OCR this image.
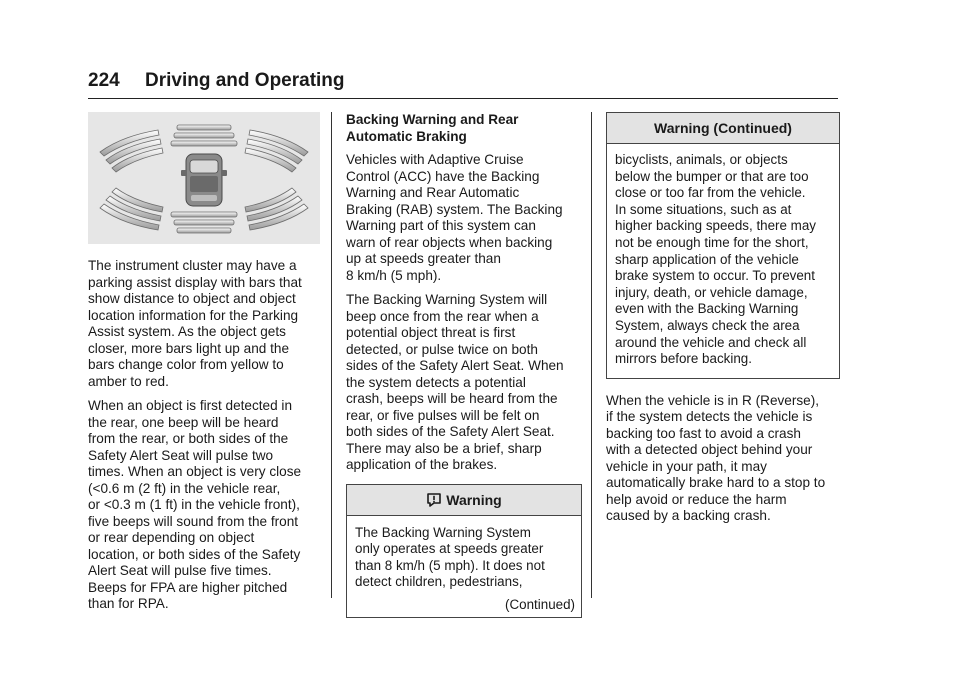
224 Driving and Operating

The instrument cluster may have a
parking assist display with bars that
show distance to object and object
location information for the Parking
Assist system. As the object gets
closer, more bars light up and the
bars change color from yellow to
amber to red.

When an object is first detected in
the rear, one beep will be heard
from the rear, or both sides of the
Safety Alert Seat will pulse two
times. When an object is very close
(<0.6 m (2 ft) in the vehicle rear,
or <0.3 m (1 ft) in the vehicle front),
five beeps will sound from the front
or rear depending on object
location, or both sides of the Safety
Alert Seat will pulse five times.
Beeps for FPA are higher pitched
than for RPA.

Backing Warning and Rear
Automatic Braking

Vehicles with Adaptive Cruise
Control (ACC) have the Backing
Warning and Rear Automatic
Braking (RAB) system. The Backing
Warning part of this system can
warn of rear objects when backing
up at speeds greater than
8 km/h (5 mph).

The Backing Warning System will
beep once from the rear when a
potential object threat is first
detected, or pulse twice on both
sides of the Safety Alert Seat. When
the system detects a potential
crash, beeps will be heard from the
rear, or five pulses will be felt on
both sides of the Safety Alert Seat.
There may also be a brief, sharp
application of the brakes.

Warning
The Backing Warning System
only operates at speeds greater
than 8 km/h (5 mph). It does not
detect children, pedestrians,
(Continued)
Warning (Continued)
bicyclists, animals, or objects
below the bumper or that are too
close or too far from the vehicle.
In some situations, such as at
higher backing speeds, there may
not be enough time for the short,
sharp application of the vehicle
brake system to occur. To prevent
injury, death, or vehicle damage,
even with the Backing Warning
System, always check the area
around the vehicle and check all
mirrors before backing.

When the vehicle is in R (Reverse),
if the system detects the vehicle is
backing too fast to avoid a crash
with a detected object behind your
vehicle in your path, it may
automatically brake hard to a stop to
help avoid or reduce the harm
caused by a backing crash.
